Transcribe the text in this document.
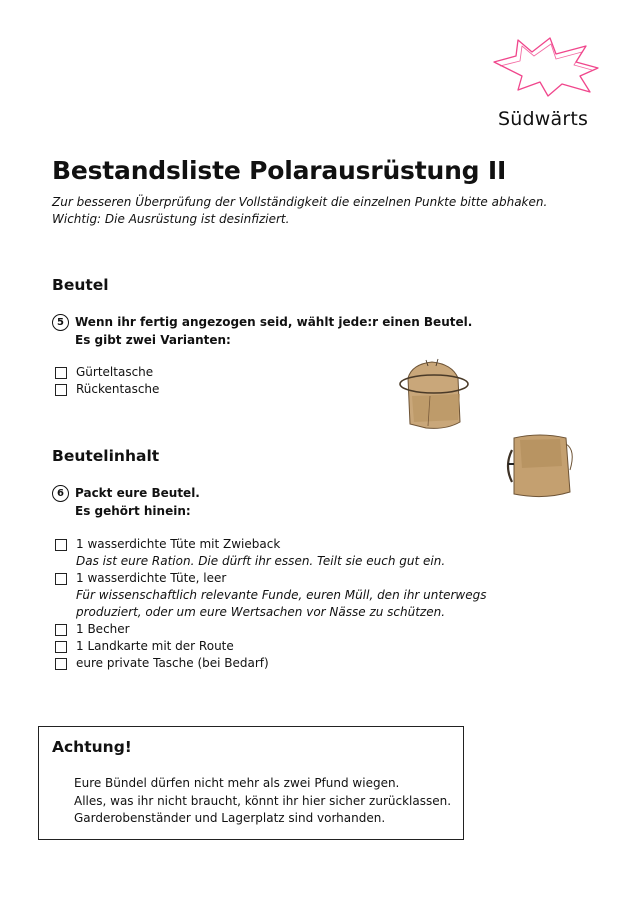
Südwärts
Bestandsliste Polarausrüstung II
Zur besseren Überprüfung der Vollständigkeit die einzelnen Punkte bitte abhaken.
Wichtig: Die Ausrüstung ist desinfiziert.
Beutel
5 Wenn ihr fertig angezogen seid, wählt jede:r einen Beutel.
Es gibt zwei Varianten:
Gürteltasche
Rückentasche
Beutelinhalt
6 Packt eure Beutel.
Es gehört hinein:
1 wasserdichte Tüte mit Zwieback
Das ist eure Ration. Die dürft ihr essen. Teilt sie euch gut ein.
1 wasserdichte Tüte, leer
Für wissenschaftlich relevante Funde, euren Müll, den ihr unterwegs
produziert, oder um eure Wertsachen vor Nässe zu schützen.
1 Becher
1 Landkarte mit der Route
eure private Tasche (bei Bedarf)
Achtung!
Eure Bündel dürfen nicht mehr als zwei Pfund wiegen.
Alles, was ihr nicht braucht, könnt ihr hier sicher zurücklassen.
Garderobenständer und Lagerplatz sind vorhanden.
